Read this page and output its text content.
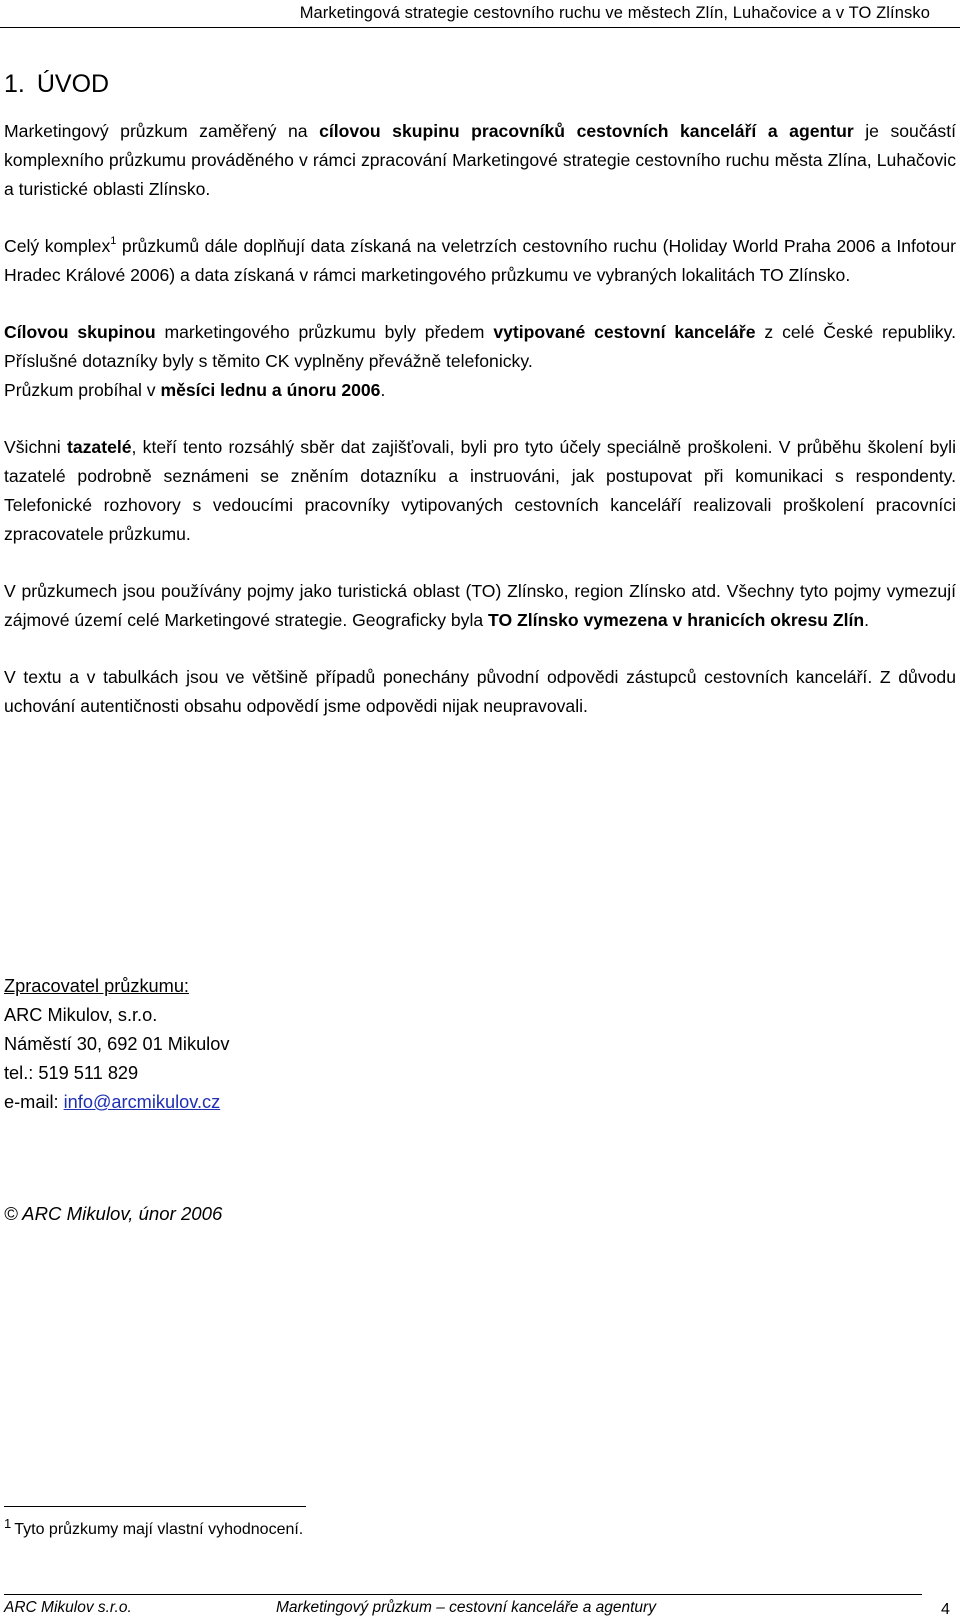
Marketingová strategie cestovního ruchu ve městech Zlín, Luhačovice a v TO Zlínsko
1. ÚVOD

Marketingový průzkum zaměřený na cílovou skupinu pracovníků cestovních kanceláří a agentur je součástí komplexního průzkumu prováděného v rámci zpracování Marketingové strategie cestovního ruchu města Zlína, Luhačovic a turistické oblasti Zlínsko.

Celý komplex$^1$ průzkumů dále doplňují data získaná na veletrzích cestovního ruchu (Holiday World Praha 2006 a Infotour Hradec Králové 2006) a data získaná v rámci marketingového průzkumu ve vybraných lokalitách TO Zlínsko.

Cílovou skupinou marketingového průzkumu byly předem vytipované cestovní kanceláře z celé České republiky. Příslušné dotazníky byly s těmito CK vyplněny převážně telefonicky.

Průzkum probíhal v měsíci lednu a únoru 2006.

Všichni tazatelé, kteří tento rozsáhlý sběr dat zajišťovali, byli pro tyto účely speciálně proškoleni. V průběhu školení byli tazatelé podrobně seznámeni se zněním dotazníku a instruováni, jak postupovat při komunikaci s respondenty. Telefonické rozhovory s vedoucími pracovníky vytipovaných cestovních kanceláří realizovali proškolení pracovníci zpracovatele průzkumu.

V průzkumech jsou používány pojmy jako turistická oblast (TO) Zlínsko, region Zlínsko atd. Všechny tyto pojmy vymezují zájmové území celé Marketingové strategie. Geograficky byla TO Zlínsko vymezena v hranicích okresu Zlín.

V textu a v tabulkách jsou ve většině případů ponechány původní odpovědi zástupců cestovních kanceláří. Z důvodu uchování autentičnosti obsahu odpovědí jsme odpovědi nijak neupravovali.

Zpracovatel průzkumu:
ARC Mikulov, s.r.o.
Náměstí 30, 692 01 Mikulov
tel.: 519 511 829
e-mail: info@arcmikulov.cz
© ARC Mikulov, únor 2006
$^1$ Tyto průzkumy mají vlastní vyhodnocení.
ARC Mikulov s.r.o.	Marketingový průzkum – cestovní kanceláře a agentury	4
